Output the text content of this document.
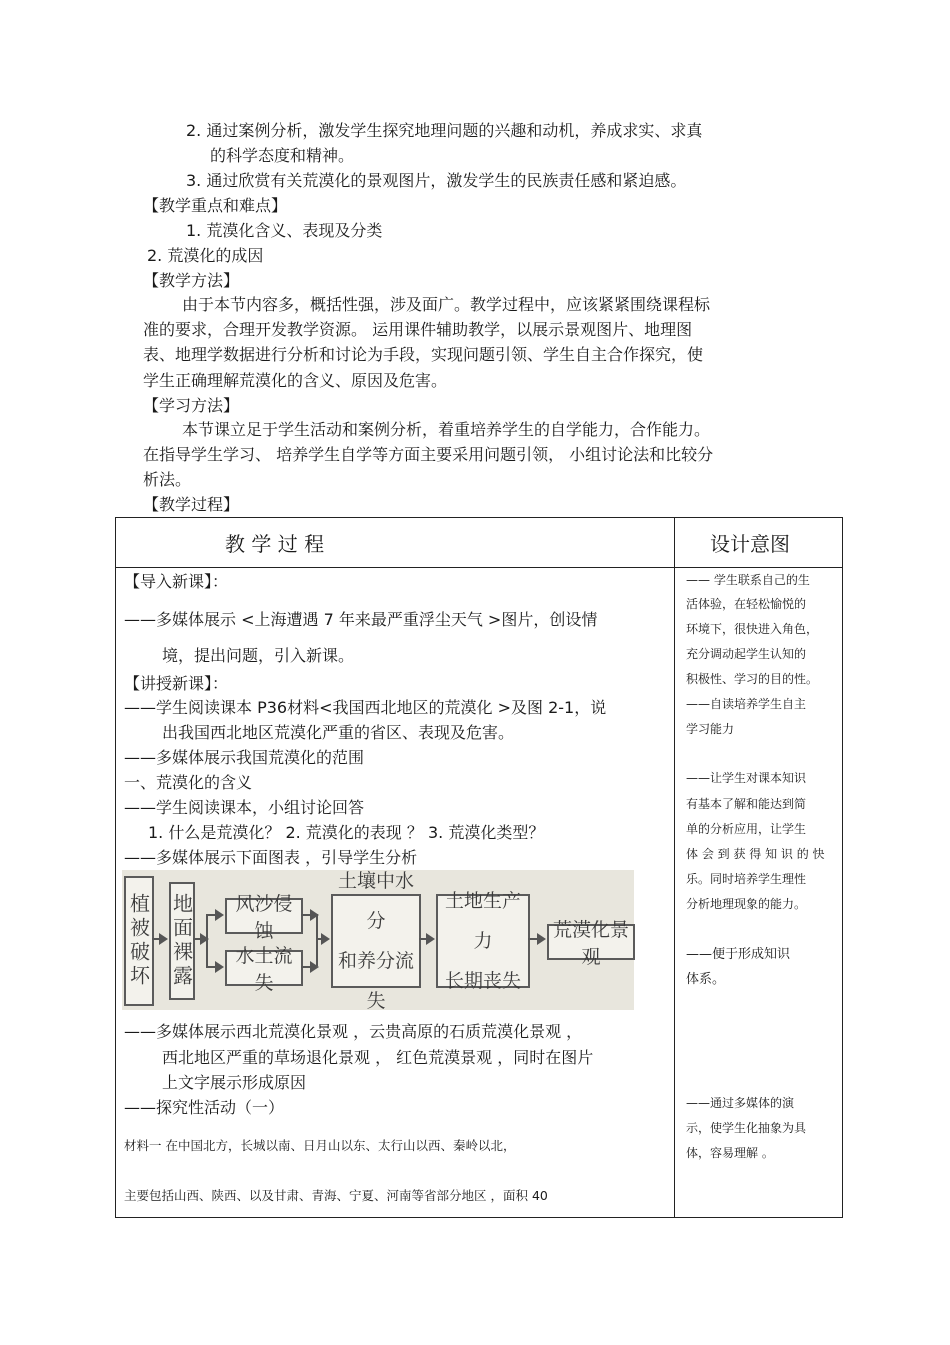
2. 通过案例分析，激发学生探究地理问题的兴趣和动机，养成求实、求真
的科学态度和精神。
3. 通过欣赏有关荒漠化的景观图片，激发学生的民族责任感和紧迫感。
【教学重点和难点】
1. 荒漠化含义、表现及分类
2. 荒漠化的成因
【教学方法】
由于本节内容多，概括性强，涉及面广。教学过程中，应该紧紧围绕课程标
准的要求，合理开发教学资源。 运用课件辅助教学，以展示景观图片、地理图
表、地理学数据进行分析和讨论为手段，实现问题引领、学生自主合作探究，使
学生正确理解荒漠化的含义、原因及危害。
【学习方法】
本节课立足于学生活动和案例分析，着重培养学生的自学能力，合作能力。
在指导学生学习、 培养学生自学等方面主要采用问题引领， 小组讨论法和比较分
析法。
【教学过程】
教 学 过 程	设计意图
【导入新课】：
——多媒体展示 <上海遭遇 7 年来最严重浮尘天气 >图片，创设情
境，提出问题，引入新课。
【讲授新课】：
——学生阅读课本 P36材料<我国西北地区的荒漠化 >及图 2-1，说
出我国西北地区荒漠化严重的省区、表现及危害。
——多媒体展示我国荒漠化的范围
一、荒漠化的含义
——学生阅读课本，小组讨论回答
1. 什么是荒漠化？ 2. 荒漠化的表现 ？ 3. 荒漠化类型？
——多媒体展示下面图表 ，引导学生分析
植被破坏 地面裸露	风沙侵蚀
水土流失
土壤中水分
和养分流失
土地生产力
长期丧失
荒漠化景观
——多媒体展示西北荒漠化景观 ，云贵高原的石质荒漠化景观 ，
西北地区严重的草场退化景观 ， 红色荒漠景观 ，同时在图片
上文字展示形成原因
——探究性活动（一）
材料一 在中国北方，长城以南、日月山以东、太行山以西、秦岭以北，
主要包括山西、陕西、以及甘肃、青海、宁夏、河南等省部分地区 ，面积 40
—— 学生联系自己的生
活体验，在轻松愉悦的
环境下，很快进入角色，
充分调动起学生认知的
积极性、学习的目的性。
——自读培养学生自主
学习能力
——让学生对课本知识
有基本了解和能达到简
单的分析应用，让学生
体 会 到 获 得 知 识 的 快
乐。同时培养学生理性
分析地理现象的能力。
——便于形成知识
体系。
——通过多媒体的演
示，使学生化抽象为具
体，容易理解 。
